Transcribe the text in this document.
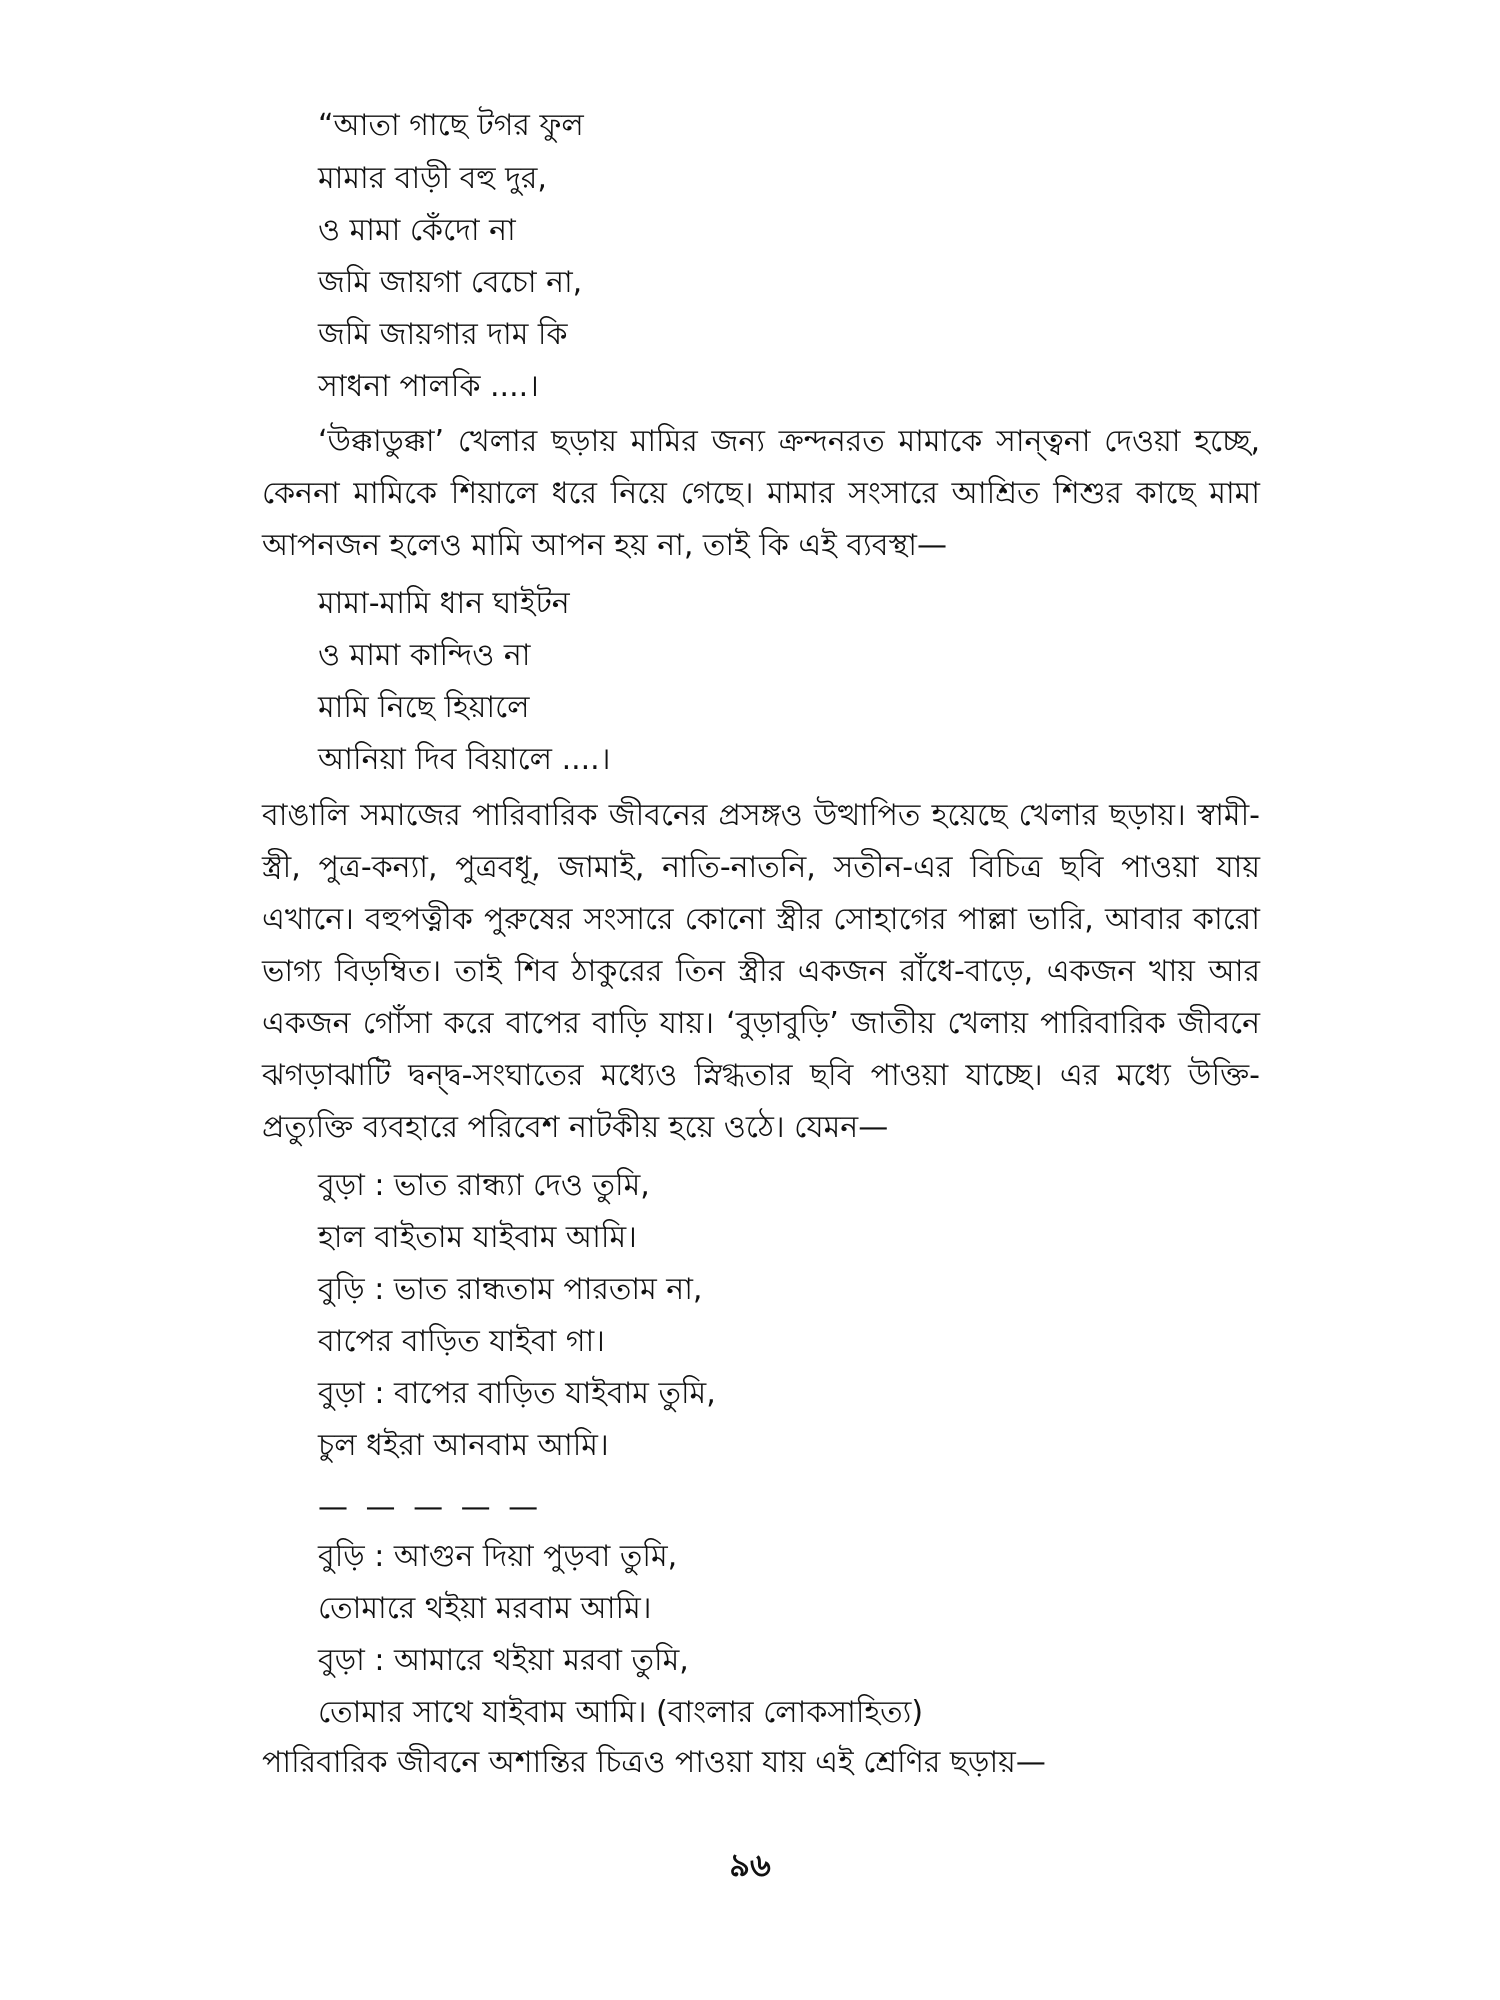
“আতা গাছে টগর ফুল
মামার বাড়ী বহু দুর,
ও মামা কেঁদো না
জমি জায়গা বেচো না,
জমি জায়গার দাম কি
সাধনা পালকি ....।
‘উক্কাডুক্কা’ খেলার ছড়ায় মামির জন্য ক্রন্দনরত মামাকে সান্ত্বনা দেওয়া হচ্ছে, কেননা মামিকে শিয়ালে ধরে নিয়ে গেছে। মামার সংসারে আশ্রিত শিশুর কাছে মামা আপনজন হলেও মামি আপন হয় না, তাই কি এই ব্যবস্থা—
মামা-মামি ধান ঘাইটন
ও মামা কান্দিও না
মামি নিছে হিয়ালে
আনিয়া দিব বিয়ালে ....।
বাঙালি সমাজের পারিবারিক জীবনের প্রসঙ্গও উত্থাপিত হয়েছে খেলার ছড়ায়। স্বামী-স্ত্রী, পুত্র-কন্যা, পুত্রবধূ, জামাই, নাতি-নাতনি, সতীন-এর বিচিত্র ছবি পাওয়া যায় এখানে। বহুপত্নীক পুরুষের সংসারে কোনো স্ত্রীর সোহাগের পাল্লা ভারি, আবার কারো ভাগ্য বিড়ম্বিত। তাই শিব ঠাকুরের তিন স্ত্রীর একজন রাঁধে-বাড়ে, একজন খায় আর একজন গোঁসা করে বাপের বাড়ি যায়। ‘বুড়াবুড়ি’ জাতীয় খেলায় পারিবারিক জীবনে ঝগড়াঝাটি দ্বন্দ্ব-সংঘাতের মধ্যেও স্নিগ্ধতার ছবি পাওয়া যাচ্ছে। এর মধ্যে উক্তি-প্রত্যুক্তি ব্যবহারে পরিবেশ নাটকীয় হয়ে ওঠে। যেমন—
বুড়া : ভাত রান্ধ্যা দেও তুমি,
হাল বাইতাম যাইবাম আমি।
বুড়ি : ভাত রান্ধতাম পারতাম না,
বাপের বাড়িত যাইবা গা।
বুড়া : বাপের বাড়িত যাইবাম তুমি,
চুল ধইরা আনবাম আমি।
— — — — —
বুড়ি : আগুন দিয়া পুড়বা তুমি,
তোমারে থইয়া মরবাম আমি।
বুড়া : আমারে থইয়া মরবা তুমি,
তোমার সাথে যাইবাম আমি। (বাংলার লোকসাহিত্য)
পারিবারিক জীবনে অশান্তির চিত্রও পাওয়া যায় এই শ্রেণির ছড়ায়—
৯৬
